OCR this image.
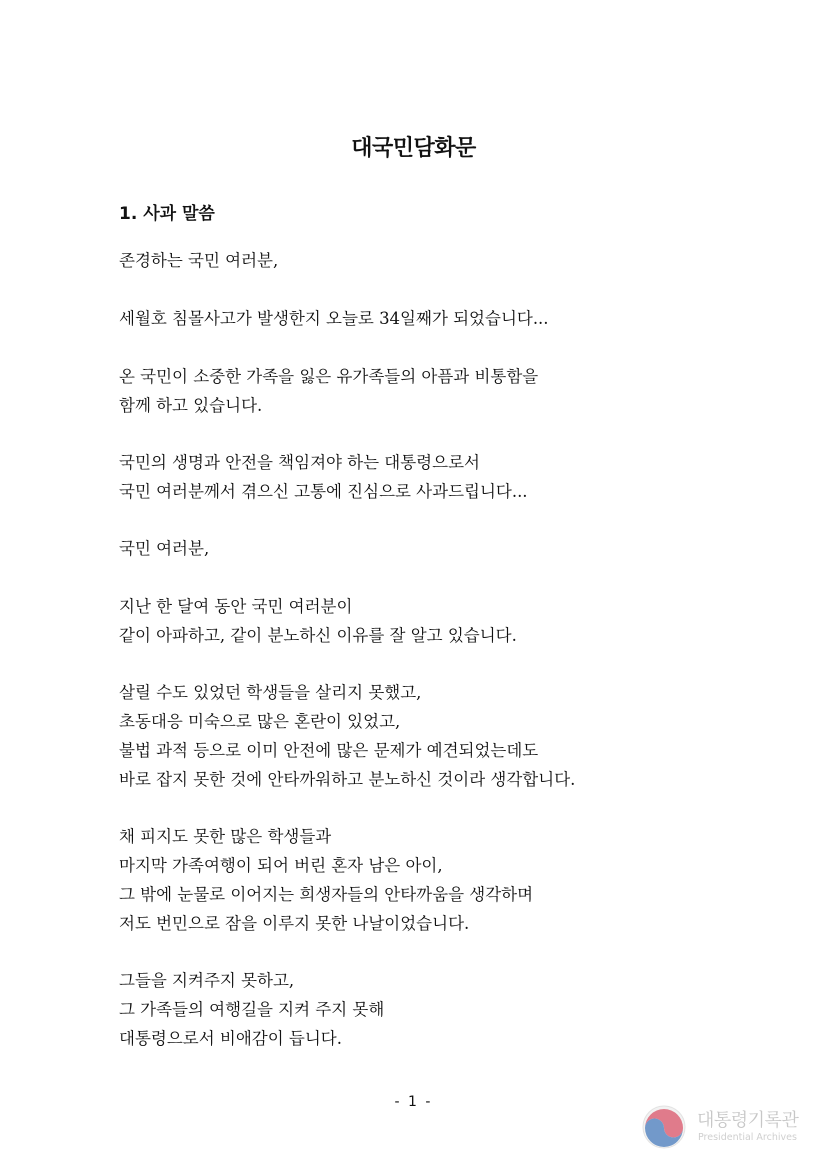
대국민담화문
1. 사과 말씀

존경하는 국민 여러분,

세월호 침몰사고가 발생한지 오늘로 34일째가 되었습니다...

온 국민이 소중한 가족을 잃은 유가족들의 아픔과 비통함을

함께 하고 있습니다.

국민의 생명과 안전을 책임져야 하는 대통령으로서

국민 여러분께서 겪으신 고통에 진심으로 사과드립니다...

국민 여러분,

지난 한 달여 동안 국민 여러분이

같이 아파하고, 같이 분노하신 이유를 잘 알고 있습니다.

살릴 수도 있었던 학생들을 살리지 못했고,

초동대응 미숙으로 많은 혼란이 있었고,

불법 과적 등으로 이미 안전에 많은 문제가 예견되었는데도

바로 잡지 못한 것에 안타까워하고 분노하신 것이라 생각합니다.

채 피지도 못한 많은 학생들과

마지막 가족여행이 되어 버린 혼자 남은 아이,

그 밖에 눈물로 이어지는 희생자들의 안타까움을 생각하며

저도 번민으로 잠을 이루지 못한 나날이었습니다.

그들을 지켜주지 못하고,

그 가족들의 여행길을 지켜 주지 못해

대통령으로서 비애감이 듭니다.

- 1 -
대통령기록관
Presidential Archives
